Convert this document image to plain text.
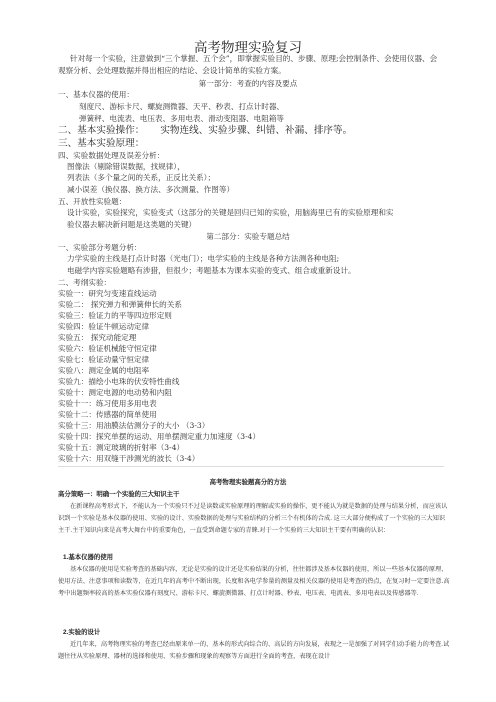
高考物理实验复习
针对每一个实验，注意做到“三个掌握、五个会”，即掌握实验目的、步骤、原理;会控制条件、会使用仪器、会观察分析、会处理数据并得出相应的结论、会设计简单的实验方案。
第一部分：考查的内容及要点
一、基本仪器的使用：
刻度尺、游标卡尺、螺旋测微器、天平、秒表、打点计时器、
弹簧秤、电流表、电压表、多用电表、滑动变阻器、电阻箱等
二、基本实验操作： 实物连线、实验步骤、纠错、补漏、排序等。
三、基本实验原理：
四、实验数据处理及误差分析：
图像法（剔除错误数据，找规律），
列表法（多个量之间的关系，正反比关系）；
减小误差（换仪器、换方法、多次测量、作图等）
五、开放性实验题：
设计实验，实验探究，实验变式（这部分的关键是回归已知的实验，用脑海里已有的实验原理和实
验仪器去解决新问题是这类题的关键）
第二部分：实验专题总结
一、实验部分考题分析：
力学实验的主线是打点计时器（光电门）；电学实验的主线是各种方法测各种电阻;
电磁学内容实验题略有涉猎，但很少；考题基本为课本实验的变式、组合或重新设计。
二、考纲实验：
实验一：研究匀变速直线运动
实验二： 探究弹力和弹簧伸长的关系
实验三：验证力的平等四边形定则
实验四：验证牛顿运动定律
实验五： 探究动能定理
实验六：验证机械能守恒定律
实验七：验证动量守恒定律
实验八：测定金属的电阻率
实验九：描绘小电珠的伏安特性曲线
实验十：测定电源的电动势和内阻
实验十一：练习使用多用电表
实验十二：传感器的简单使用
实验十三：用油膜法估测分子的大小 （3-3）
实验十四：探究单摆的运动、用单摆测定重力加速度（3-4）
实验十五：测定玻璃的折射率（3-4）
实验十六：用双缝干涉测光的波长（3-4）
高考物理实验题高分的方法
高分策略一：明确一个实验的三大知识主干
在新课程高考形式下，不能认为一个实验只不过是读数或实验原理的理解或实验的操作，更不能认为就是数据的处理与结果分析，而应该认识到一个实验是基本仪器的使用、实验的设计、实验数据的处理与实验结构的分析三个有机体的合成. 这三大部分便构成了一个实验的三大知识主干.主干知识向来是高考大舞台中的重要角色，一直受到命题专家的青睐.对于一个实验的三大知识主干要有明确的认识：
1.基本仪器的使用
基本仪器的使用是实验考查的基础内容，无论是实验的设计还是实验结果的分析，往往都涉及基本仪器的使用，所以一些基本仪器的原理、使用方法、注意事项和读数等，在近几年的高考中不断出现，长度和各电学参量的测量及相关仪器的使用是考查的热点，在复习时一定要注意.高考中出题频率较高的基本实验仪器有刻度尺、游标卡尺、螺旋测微器、打点计时器、秒表、电压表、电流表、多用电表以及传感器等.
2.实验的设计
近几年来，高考物理实验的考查已经由原来单一的、基本的形式向综合的、高层的方向发展，表现之一是加强了对同学们动手能力的考查.试题往往从实验原理、器材的选择和使用、实验步骤和现象的观察等方面进行全面的考查，表现在设计
